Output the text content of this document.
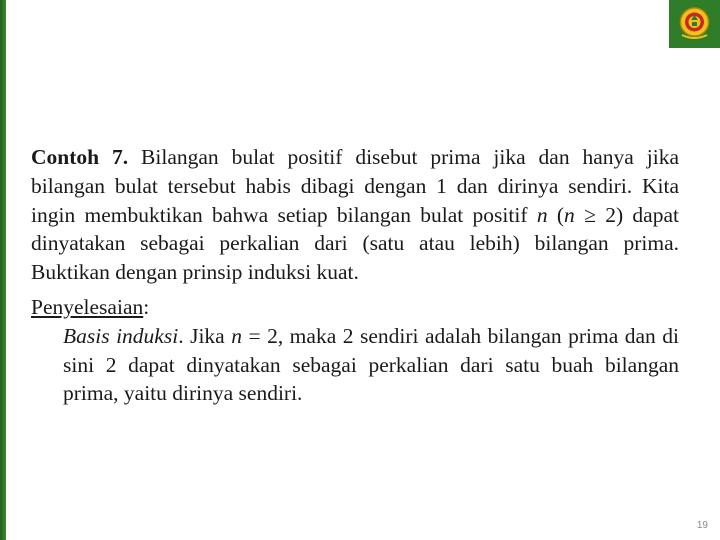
Contoh 7. Bilangan bulat positif disebut prima jika dan hanya jika bilangan bulat tersebut habis dibagi dengan 1 dan dirinya sendiri. Kita ingin membuktikan bahwa setiap bilangan bulat positif n (n ≥ 2) dapat dinyatakan sebagai perkalian dari (satu atau lebih) bilangan prima. Buktikan dengan prinsip induksi kuat.

Penyelesaian:

Basis induksi. Jika n = 2, maka 2 sendiri adalah bilangan prima dan di sini 2 dapat dinyatakan sebagai perkalian dari satu buah bilangan prima, yaitu dirinya sendiri.

19
